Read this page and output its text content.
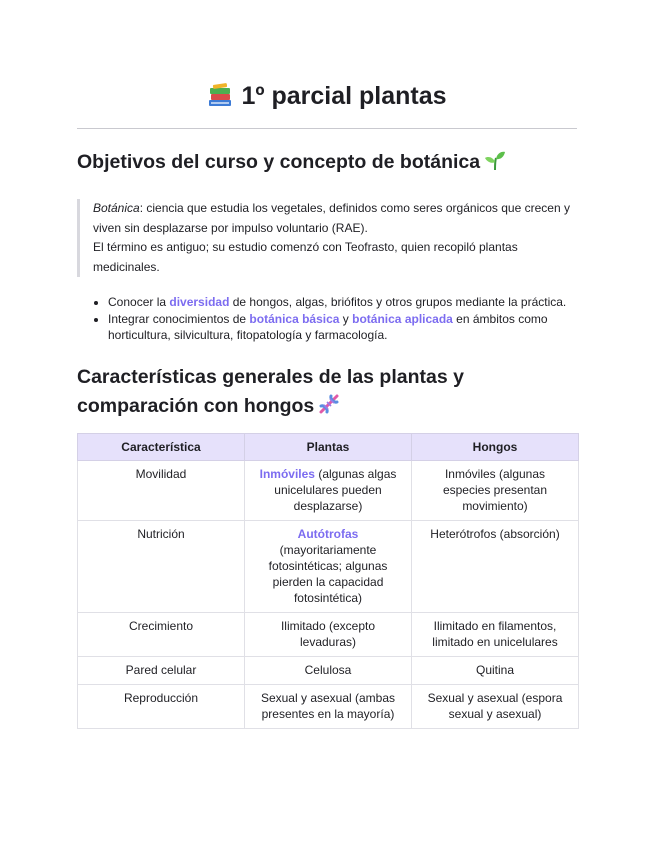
1º parcial plantas
Objetivos del curso y concepto de botánica

Botánica: ciencia que estudia los vegetales, definidos como seres orgánicos que crecen y viven sin desplazarse por impulso voluntario (RAE).

El término es antiguo; su estudio comenzó con Teofrasto, quien recopiló plantas medicinales.

• Conocer la diversidad de hongos, algas, briófitos y otros grupos mediante la práctica.
• Integrar conocimientos de botánica básica y botánica aplicada en ámbitos como horticultura, silvicultura, fitopatología y farmacología.
Características generales de las plantas y comparación con hongos
Característica	Plantas	Hongos
Movilidad	Inmóviles (algunas algas unicelulares pueden desplazarse)	Inmóviles (algunas especies presentan movimiento)
Nutrición	Autótrofas (mayoritariamente fotosintéticas; algunas pierden la capacidad fotosintética)	Heterótrofos (absorción)
Crecimiento	Ilimitado (excepto levaduras)	Ilimitado en filamentos, limitado en unicelulares
Pared celular	Celulosa	Quitina
Reproducción	Sexual y asexual (ambas presentes en la mayoría)	Sexual y asexual (espora sexual y asexual)
